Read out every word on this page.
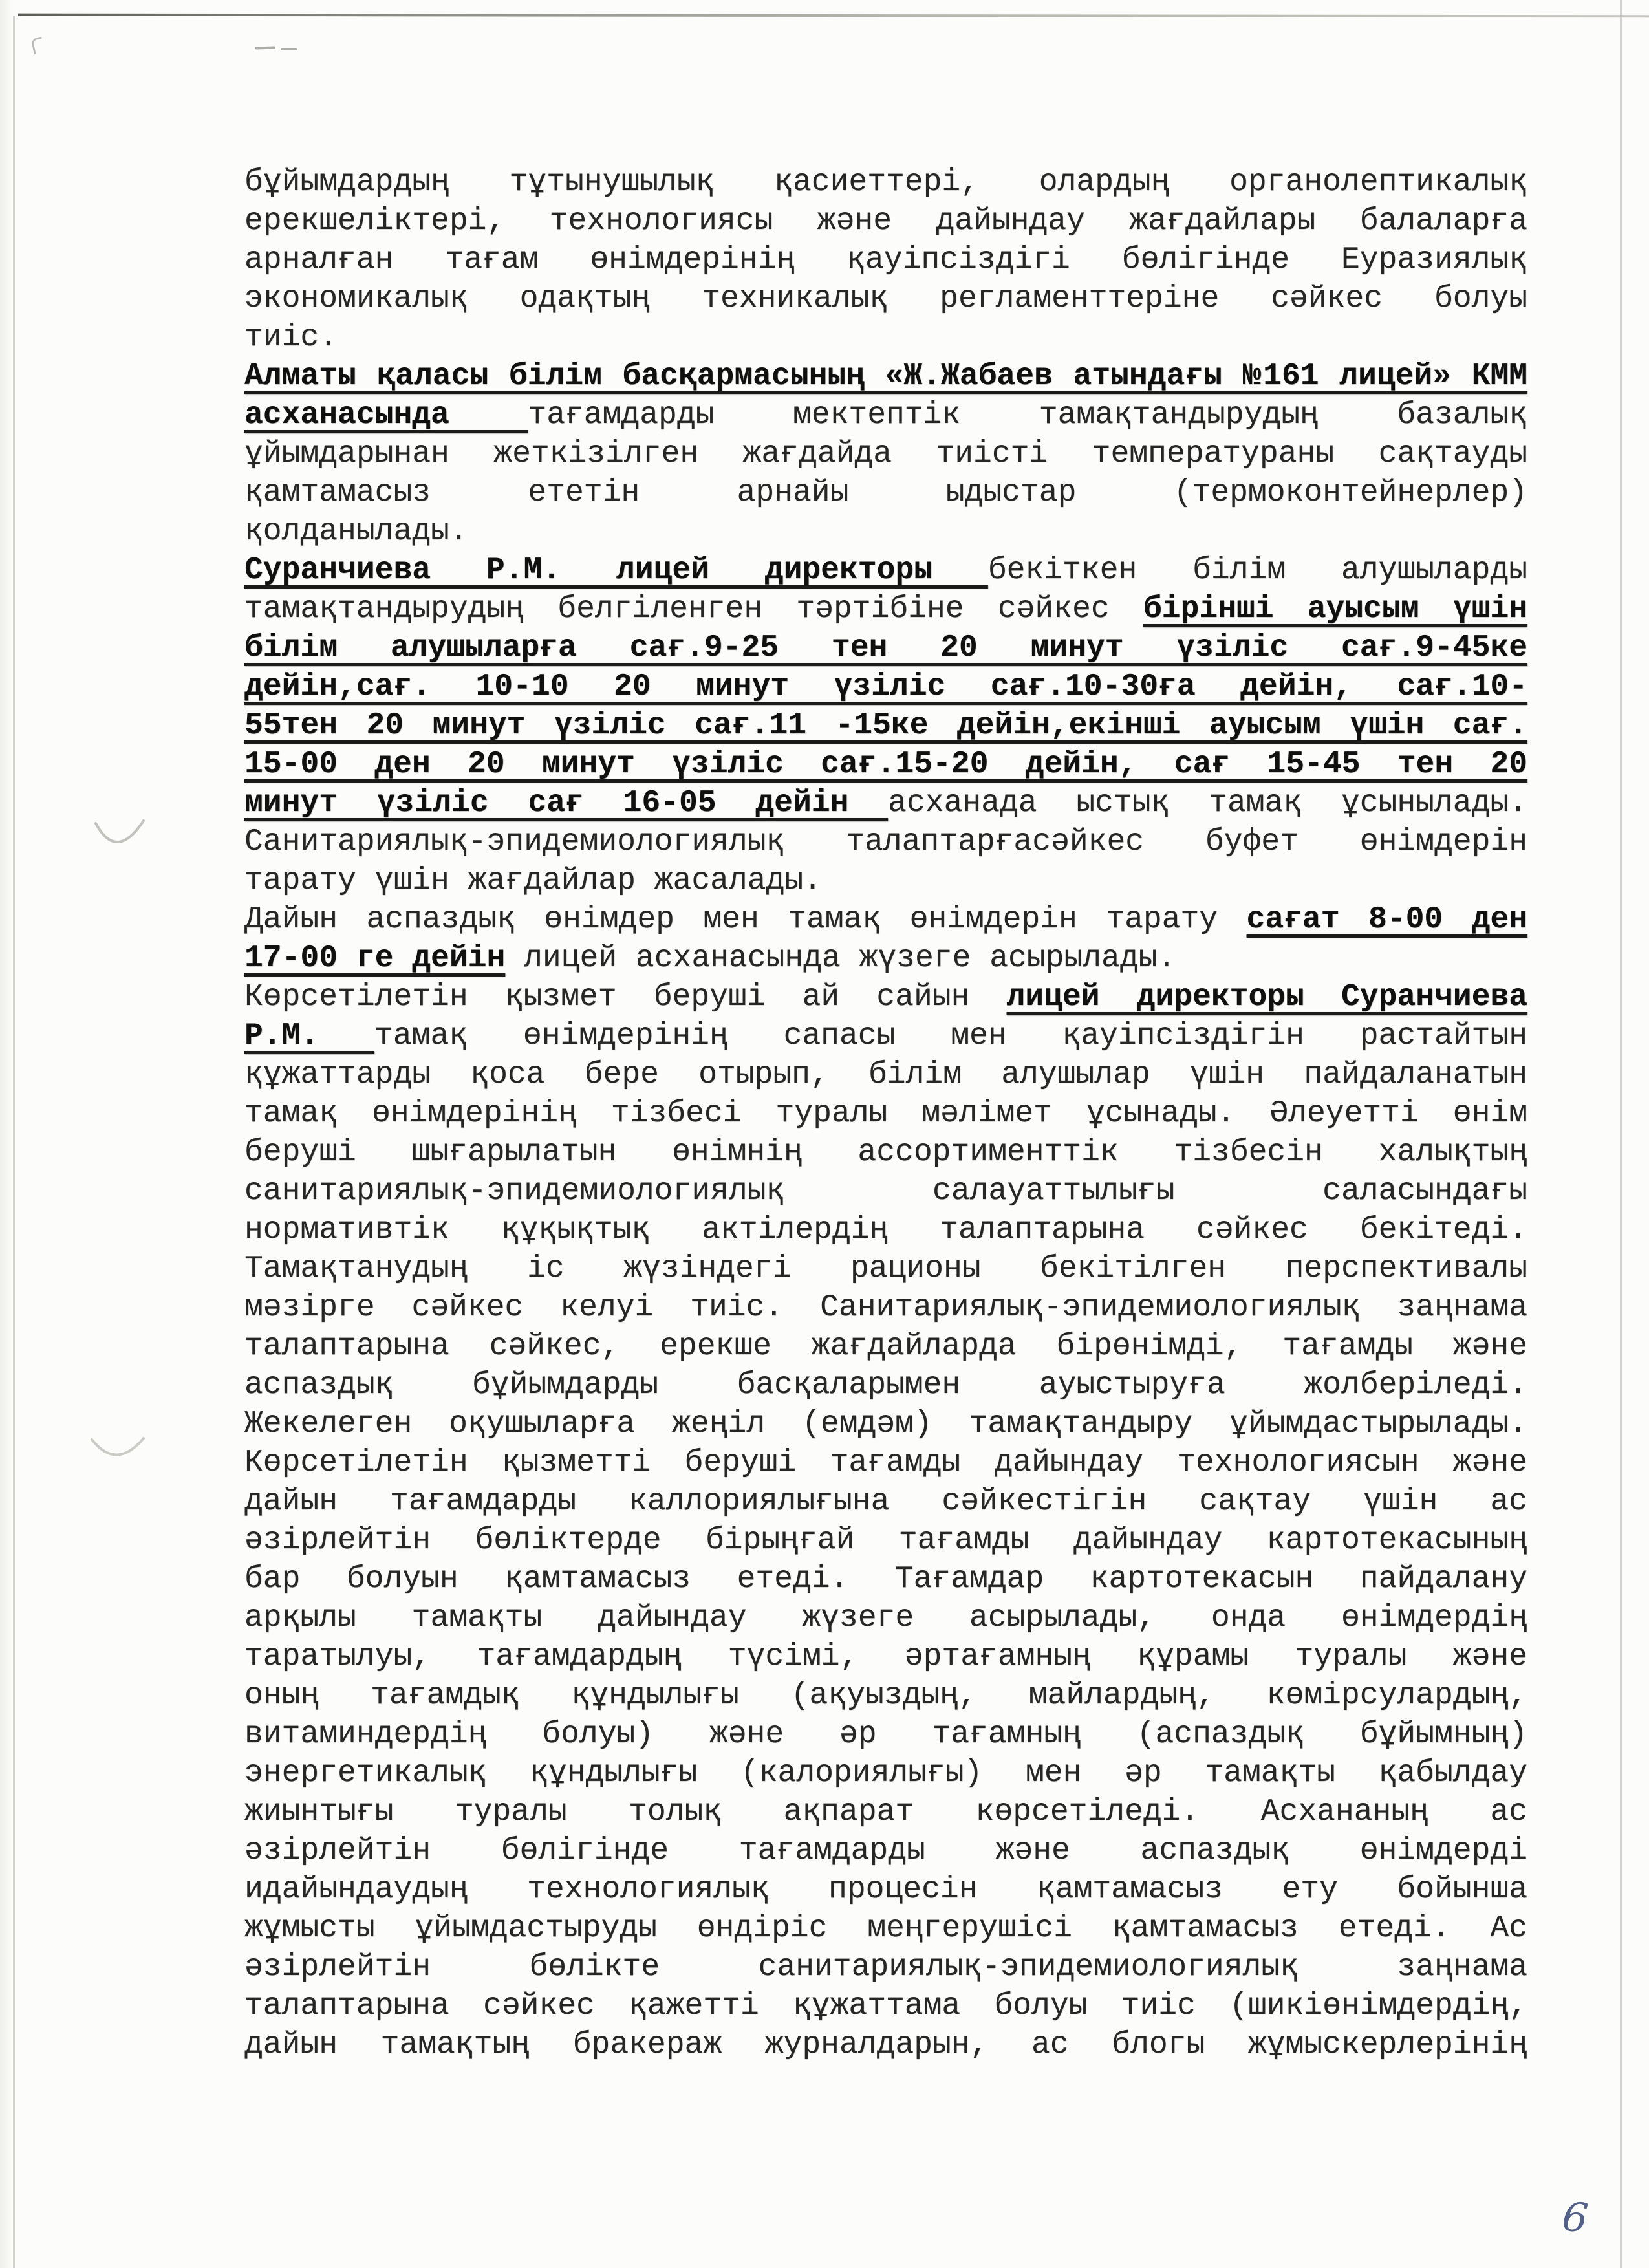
бұйымдардың тұтынушылық қасиеттері, олардың органолептикалық
ерекшеліктері, технологиясы және дайындау жағдайлары балаларға
арналған тағам өнімдерінің қауіпсіздігі бөлігінде Еуразиялық
экономикалық одақтың техникалық регламенттеріне сәйкес болуы
тиіс.
Алматы қаласы білім басқармасының «Ж.Жабаев атындағы №161 лицей» КММ
асханасында тағамдарды мектептік тамақтандырудың базалық
ұйымдарынан жеткізілген жағдайда тиісті температураны сақтауды
қамтамасыз ететін арнайы ыдыстар (термоконтейнерлер)
қолданылады.
Суранчиева Р.М. лицей директоры бекіткен білім алушыларды
тамақтандырудың белгіленген тәртібіне сәйкес бірінші ауысым үшін
білім алушыларға сағ.9-25 тен 20 минут үзіліс сағ.9-45ке
дейін,сағ. 10-10 20 минут үзіліс сағ.10-30ға дейін, сағ.10-
55тен 20 минут үзіліс сағ.11 -15ке дейін,екінші ауысым үшін сағ.
15-00 ден 20 минут үзіліс сағ.15-20 дейін, сағ 15-45 тен 20
минут үзіліс сағ 16-05 дейін асханада ыстық тамақ ұсынылады.
Санитариялық-эпидемиологиялық талаптарғасәйкес буфет өнімдерін
тарату үшін жағдайлар жасалады.
Дайын аспаздық өнімдер мен тамақ өнімдерін тарату сағат 8-00 ден
17-00 ге дейін лицей асханасында жүзеге асырылады.
Көрсетілетін қызмет беруші ай сайын лицей директоры Суранчиева
Р.М. тамақ өнімдерінің сапасы мен қауіпсіздігін растайтын
құжаттарды қоса бере отырып, білім алушылар үшін пайдаланатын
тамақ өнімдерінің тізбесі туралы мәлімет ұсынады. Әлеуетті өнім
беруші шығарылатын өнімнің ассортименттік тізбесін халықтың
санитариялық-эпидемиологиялық салауаттылығы саласындағы
нормативтік құқықтық актілердің талаптарына сәйкес бекітеді.
Тамақтанудың іс жүзіндегі рационы бекітілген перспективалы
мәзірге сәйкес келуі тиіс. Санитариялық-эпидемиологиялық заңнама
талаптарына сәйкес, ерекше жағдайларда бірөнімді, тағамды және
аспаздық бұйымдарды басқаларымен ауыстыруға жолберіледі.
Жекелеген оқушыларға жеңіл (емдәм) тамақтандыру ұйымдастырылады.
Көрсетілетін қызметті беруші тағамды дайындау технологиясын және
дайын тағамдарды каллориялығына сәйкестігін сақтау үшін ас
әзірлейтін бөліктерде бірыңғай тағамды дайындау картотекасының
бар болуын қамтамасыз етеді. Тағамдар картотекасын пайдалану
арқылы тамақты дайындау жүзеге асырылады, онда өнімдердің
таратылуы, тағамдардың түсімі, әртағамның құрамы туралы және
оның тағамдық құндылығы (ақуыздың, майлардың, көмірсулардың,
витаминдердің болуы) және әр тағамның (аспаздық бұйымның)
энергетикалық құндылығы (калориялығы) мен әр тамақты қабылдау
жиынтығы туралы толық ақпарат көрсетіледі. Асхананың ас
әзірлейтін бөлігінде тағамдарды және аспаздық өнімдерді
идайындаудың технологиялық процесін қамтамасыз ету бойынша
жұмысты ұйымдастыруды өндіріс меңгерушісі қамтамасыз етеді. Ас
әзірлейтін бөлікте санитариялық-эпидемиологиялық заңнама
талаптарына сәйкес қажетті құжаттама болуы тиіс (шикіөнімдердің,
дайын тамақтың бракераж журналдарын, ас блогы жұмыскерлерінің
6
